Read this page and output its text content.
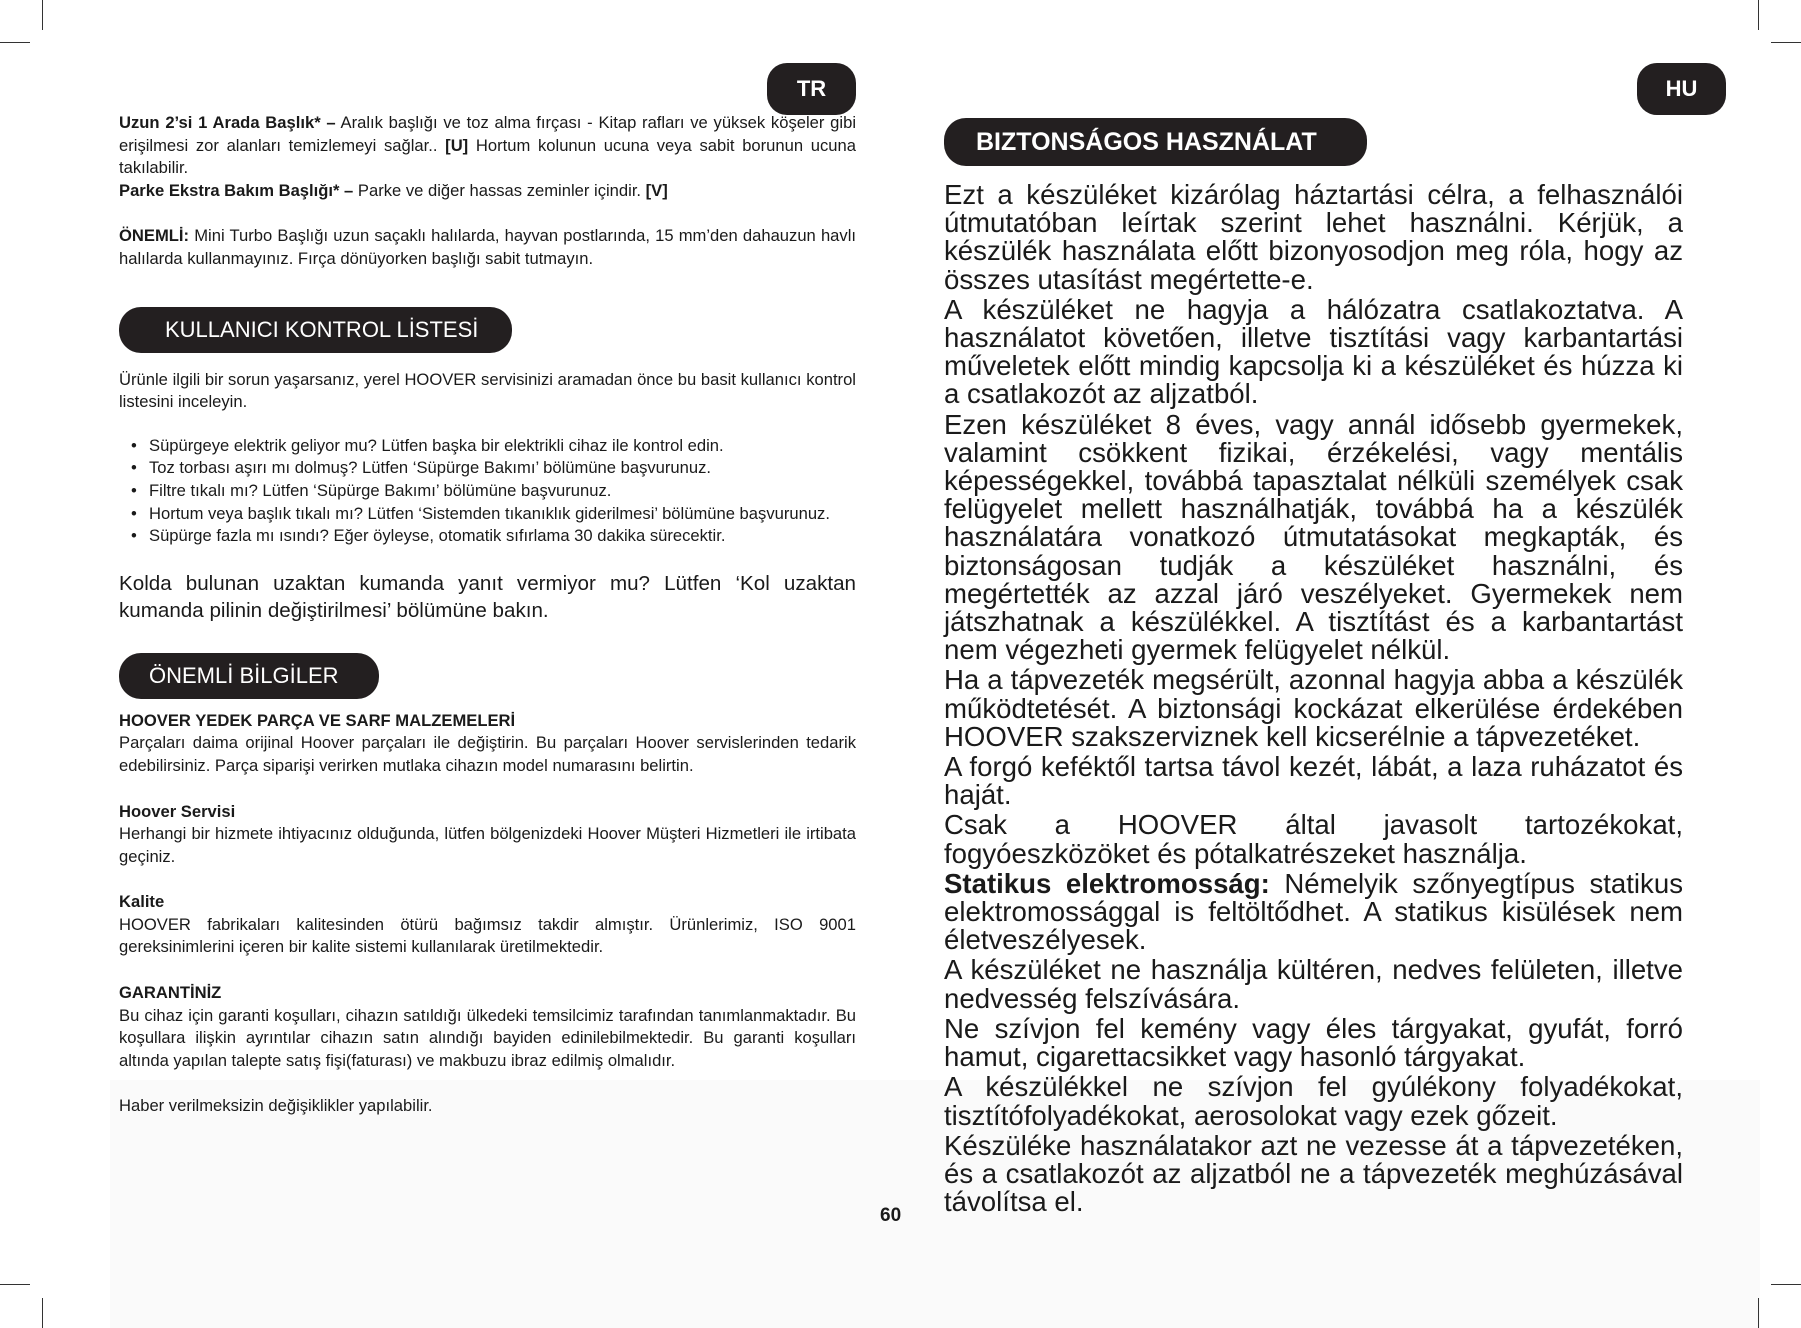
TR	HU

Uzun 2’si 1 Arada Başlık* – Aralık başlığı ve toz alma fırçası - Kitap rafları ve yüksek köşeler gibi erişilmesi zor alanları temizlemeyi sağlar.. [U] Hortum kolunun ucuna veya sabit borunun ucuna takılabilir.
Parke Ekstra Bakım Başlığı* – Parke ve diğer hassas zeminler içindir. [V]

ÖNEMLİ: Mini Turbo Başlığı uzun saçaklı halılarda, hayvan postlarında, 15 mm’den dahauzun havlı halılarda kullanmayınız. Fırça dönüyorken başlığı sabit tutmayın.

KULLANICI KONTROL LİSTESİ

Ürünle ilgili bir sorun yaşarsanız, yerel HOOVER servisinizi aramadan önce bu basit kullanıcı kontrol listesini inceleyin.

• Süpürgeye elektrik geliyor mu? Lütfen başka bir elektrikli cihaz ile kontrol edin.
• Toz torbası aşırı mı dolmuş? Lütfen ‘Süpürge Bakımı’ bölümüne başvurunuz.
• Filtre tıkalı mı? Lütfen ‘Süpürge Bakımı’ bölümüne başvurunuz.
• Hortum veya başlık tıkalı mı? Lütfen ‘Sistemden tıkanıklık giderilmesi’ bölümüne başvurunuz.
• Süpürge fazla mı ısındı? Eğer öyleyse, otomatik sıfırlama 30 dakika sürecektir.

Kolda bulunan uzaktan kumanda yanıt vermiyor mu? Lütfen ‘Kol uzaktan kumanda pilinin değiştirilmesi’ bölümüne bakın.

ÖNEMLİ BİLGİLER

HOOVER YEDEK PARÇA VE SARF MALZEMELERİ
Parçaları daima orijinal Hoover parçaları ile değiştirin. Bu parçaları Hoover servislerinden tedarik edebilirsiniz. Parça siparişi verirken mutlaka cihazın model numarasını belirtin.

Hoover Servisi
Herhangi bir hizmete ihtiyacınız olduğunda, lütfen bölgenizdeki Hoover Müşteri Hizmetleri ile irtibata geçiniz.

Kalite
HOOVER fabrikaları kalitesinden ötürü bağımsız takdir almıştır. Ürünlerimiz, ISO 9001 gereksinimlerini içeren bir kalite sistemi kullanılarak üretilmektedir.

GARANTİNİZ
Bu cihaz için garanti koşulları, cihazın satıldığı ülkedeki temsilcimiz tarafından tanımlanmaktadır. Bu koşullara ilişkin ayrıntılar cihazın satın alındığı bayiden edinilebilmektedir. Bu garanti koşulları altında yapılan talepte satış fişi(faturası) ve makbuzu ibraz edilmiş olmalıdır.

Haber verilmeksizin değişiklikler yapılabilir.

60
BIZTONSÁGOS HASZNÁLAT

Ezt a készüléket kizárólag háztartási célra, a felhasználói útmutatóban leírtak szerint lehet használni. Kérjük, a készülék használata előtt bizonyosodjon meg róla, hogy az összes utasítást megértette-e.

A készüléket ne hagyja a hálózatra csatlakoztatva. A használatot követően, illetve tisztítási vagy karbantartási műveletek előtt mindig kapcsolja ki a készüléket és húzza ki a csatlakozót az aljzatból.

Ezen készüléket 8 éves, vagy annál idősebb gyermekek, valamint csökkent fizikai, érzékelési, vagy mentális képességekkel, továbbá tapasztalat nélküli személyek csak felügyelet mellett használhatják, továbbá ha a készülék használatára vonatkozó útmutatásokat megkapták, és biztonságosan tudják a készüléket használni, és megértették az azzal járó veszélyeket. Gyermekek nem játszhatnak a készülékkel. A tisztítást és a karbantartást nem végezheti gyermek felügyelet nélkül.

Ha a tápvezeték megsérült, azonnal hagyja abba a készülék működtetését. A biztonsági kockázat elkerülése érdekében HOOVER szakszerviznek kell kicserélnie a tápvezetéket.

A forgó keféktől tartsa távol kezét, lábát, a laza ruházatot és haját.

Csak a HOOVER által javasolt tartozékokat, fogyóeszközöket és pótalkatrészeket használja.

Statikus elektromosság: Némelyik szőnyegtípus statikus elektromossággal is feltöltődhet. A statikus kisülések nem életveszélyesek.

A készüléket ne használja kültéren, nedves felületen, illetve nedvesség felszívására.

Ne szívjon fel kemény vagy éles tárgyakat, gyufát, forró hamut, cigarettacsikket vagy hasonló tárgyakat.

A készülékkel ne szívjon fel gyúlékony folyadékokat, tisztítófolyadékokat, aerosolokat vagy ezek gőzeit.

Készüléke használatakor azt ne vezesse át a tápvezetéken, és a csatlakozót az aljzatból ne a tápvezeték meghúzásával távolítsa el.
